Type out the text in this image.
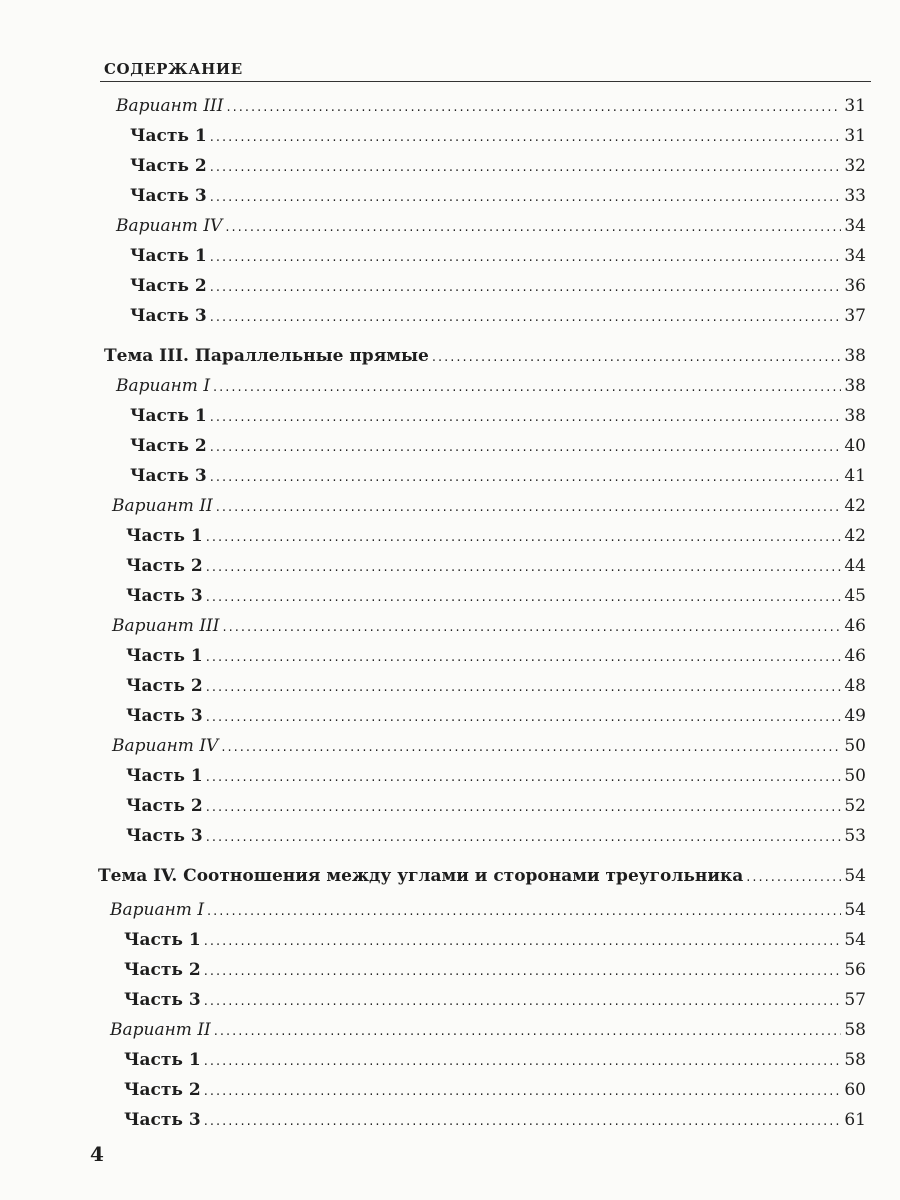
СОДЕРЖАНИЕ
Вариант III .....	31
Часть 1 .....	31
Часть 2 .....	32
Часть 3 .....	33
Вариант IV .....	34
Часть 1 .....	34
Часть 2 .....	36
Часть 3 .....	37
Тема III. Параллельные прямые .....	38
Вариант I .....	38
Часть 1 .....	38
Часть 2 .....	40
Часть 3 .....	41
Вариант II .....	42
Часть 1 .....	42
Часть 2 .....	44
Часть 3 .....	45
Вариант III .....	46
Часть 1 .....	46
Часть 2 .....	48
Часть 3 .....	49
Вариант IV .....	50
Часть 1 .....	50
Часть 2 .....	52
Часть 3 .....	53
Тема IV. Соотношения между углами и сторонами треугольника .....	54
Вариант I .....	54
Часть 1 .....	54
Часть 2 .....	56
Часть 3 .....	57
Вариант II .....	58
Часть 1 .....	58
Часть 2 .....	60
Часть 3 .....	61
4
